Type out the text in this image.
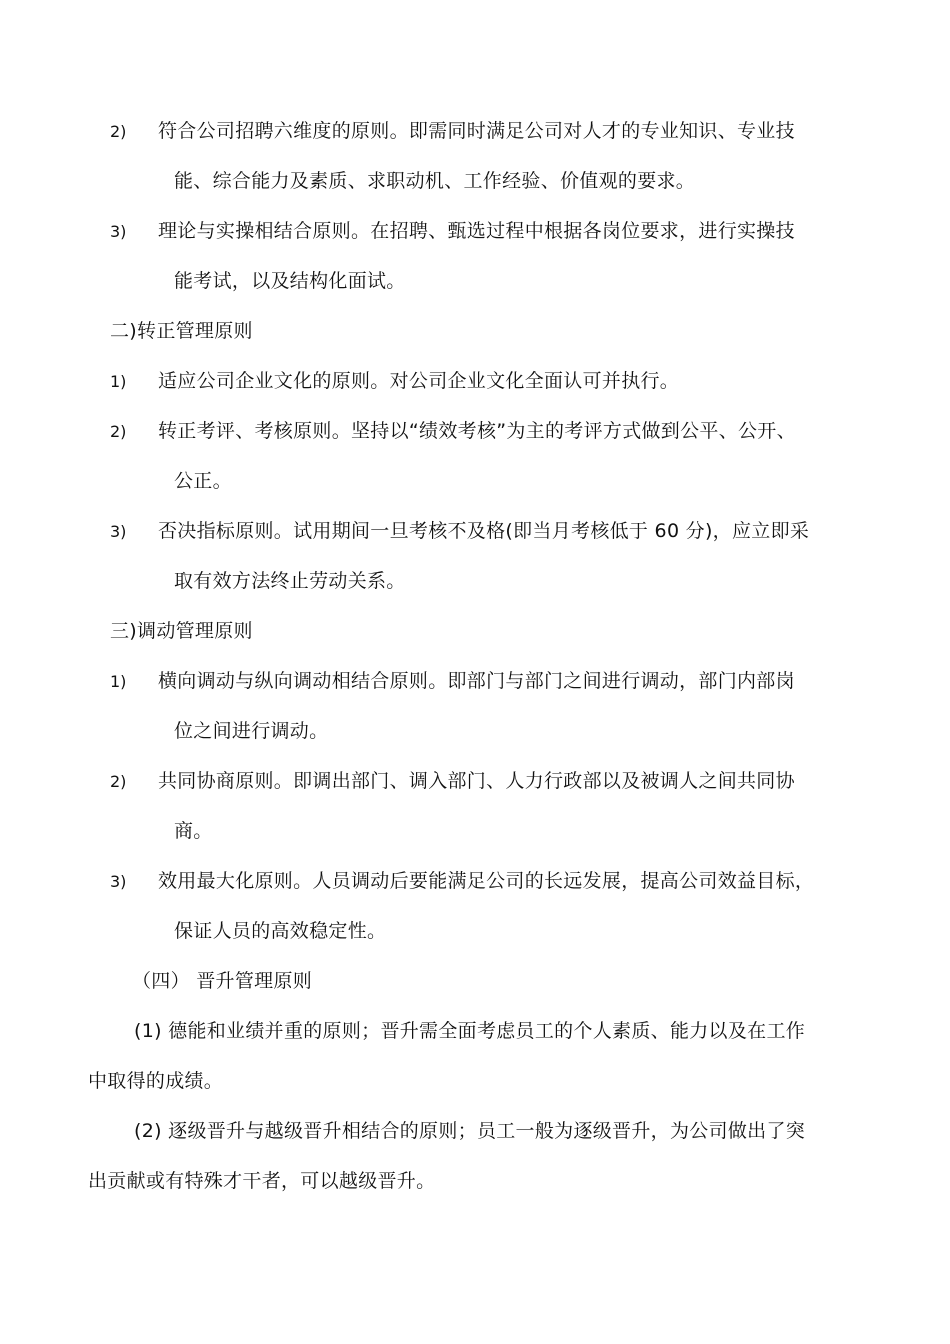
2) 符合公司招聘六维度的原则。即需同时满足公司对人才的专业知识、专业技
能、综合能力及素质、求职动机、工作经验、价值观的要求。
3) 理论与实操相结合原则。在招聘、甄选过程中根据各岗位要求，进行实操技
能考试，以及结构化面试。
二)转正管理原则
1) 适应公司企业文化的原则。对公司企业文化全面认可并执行。
2) 转正考评、考核原则。坚持以“绩效考核”为主的考评方式做到公平、公开、
公正。
3) 否决指标原则。试用期间一旦考核不及格(即当月考核低于 60 分)，应立即采
取有效方法终止劳动关系。
三)调动管理原则
1) 横向调动与纵向调动相结合原则。即部门与部门之间进行调动，部门内部岗
位之间进行调动。
2) 共同协商原则。即调出部门、调入部门、人力行政部以及被调人之间共同协
商。
3) 效用最大化原则。人员调动后要能满足公司的长远发展，提高公司效益目标，
保证人员的高效稳定性。
（四） 晋升管理原则
(1) 德能和业绩并重的原则；晋升需全面考虑员工的个人素质、能力以及在工作
中取得的成绩。
(2) 逐级晋升与越级晋升相结合的原则；员工一般为逐级晋升，为公司做出了突
出贡献或有特殊才干者，可以越级晋升。
